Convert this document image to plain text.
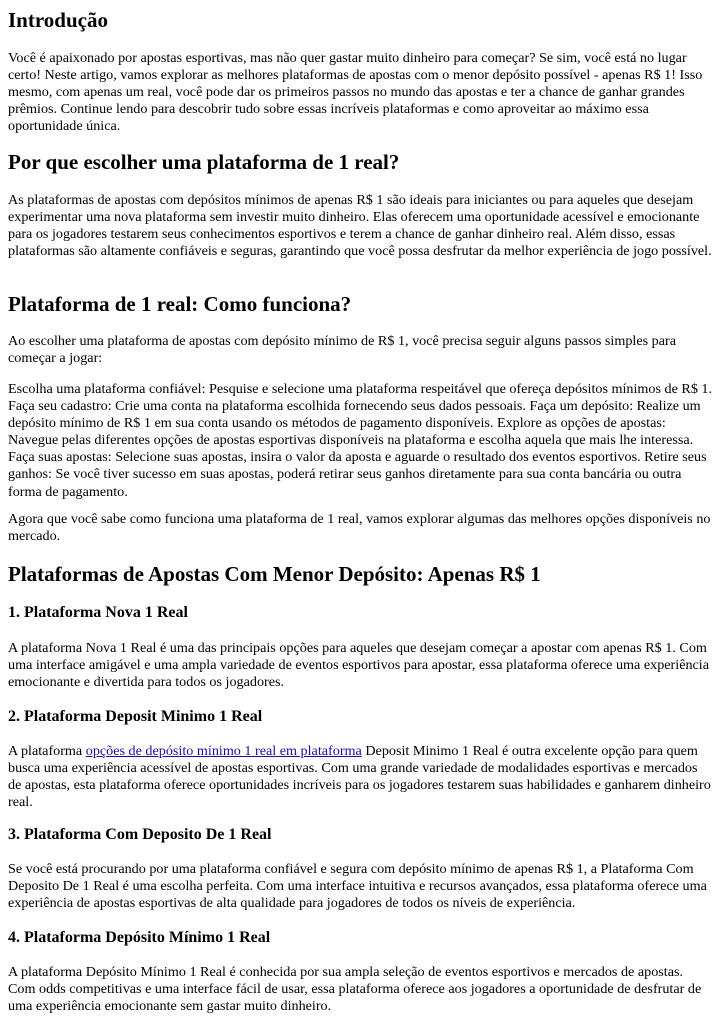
Introdução

Você é apaixonado por apostas esportivas, mas não quer gastar muito dinheiro para começar? Se sim, você está no lugar certo! Neste artigo, vamos explorar as melhores plataformas de apostas com o menor depósito possível - apenas R$ 1! Isso mesmo, com apenas um real, você pode dar os primeiros passos no mundo das apostas e ter a chance de ganhar grandes prêmios. Continue lendo para descobrir tudo sobre essas incríveis plataformas e como aproveitar ao máximo essa oportunidade única.

Por que escolher uma plataforma de 1 real?

As plataformas de apostas com depósitos mínimos de apenas R$ 1 são ideais para iniciantes ou para aqueles que desejam experimentar uma nova plataforma sem investir muito dinheiro. Elas oferecem uma oportunidade acessível e emocionante para os jogadores testarem seus conhecimentos esportivos e terem a chance de ganhar dinheiro real. Além disso, essas plataformas são altamente confiáveis e seguras, garantindo que você possa desfrutar da melhor experiência de jogo possível.

Plataforma de 1 real: Como funciona?

Ao escolher uma plataforma de apostas com depósito mínimo de R$ 1, você precisa seguir alguns passos simples para começar a jogar:

Escolha uma plataforma confiável: Pesquise e selecione uma plataforma respeitável que ofereça depósitos mínimos de R$ 1. Faça seu cadastro: Crie uma conta na plataforma escolhida fornecendo seus dados pessoais. Faça um depósito: Realize um depósito mínimo de R$ 1 em sua conta usando os métodos de pagamento disponíveis. Explore as opções de apostas: Navegue pelas diferentes opções de apostas esportivas disponíveis na plataforma e escolha aquela que mais lhe interessa. Faça suas apostas: Selecione suas apostas, insira o valor da aposta e aguarde o resultado dos eventos esportivos. Retire seus ganhos: Se você tiver sucesso em suas apostas, poderá retirar seus ganhos diretamente para sua conta bancária ou outra forma de pagamento.

Agora que você sabe como funciona uma plataforma de 1 real, vamos explorar algumas das melhores opções disponíveis no mercado.

Plataformas de Apostas Com Menor Depósito: Apenas R$ 1
1. Plataforma Nova 1 Real

A plataforma Nova 1 Real é uma das principais opções para aqueles que desejam começar a apostar com apenas R$ 1. Com uma interface amigável e uma ampla variedade de eventos esportivos para apostar, essa plataforma oferece uma experiência emocionante e divertida para todos os jogadores.

2. Plataforma Deposit Minimo 1 Real

A plataforma opções de depósito mínimo 1 real em plataforma Deposit Minimo 1 Real é outra excelente opção para quem busca uma experiência acessível de apostas esportivas. Com uma grande variedade de modalidades esportivas e mercados de apostas, esta plataforma oferece oportunidades incríveis para os jogadores testarem suas habilidades e ganharem dinheiro real.

3. Plataforma Com Deposito De 1 Real

Se você está procurando por uma plataforma confiável e segura com depósito mínimo de apenas R$ 1, a Plataforma Com Deposito De 1 Real é uma escolha perfeita. Com uma interface intuitiva e recursos avançados, essa plataforma oferece uma experiência de apostas esportivas de alta qualidade para jogadores de todos os níveis de experiência.

4. Plataforma Depósito Mínimo 1 Real

A plataforma Depósito Mínimo 1 Real é conhecida por sua ampla seleção de eventos esportivos e mercados de apostas. Com odds competitivas e uma interface fácil de usar, essa plataforma oferece aos jogadores a oportunidade de desfrutar de uma experiência emocionante sem gastar muito dinheiro.
